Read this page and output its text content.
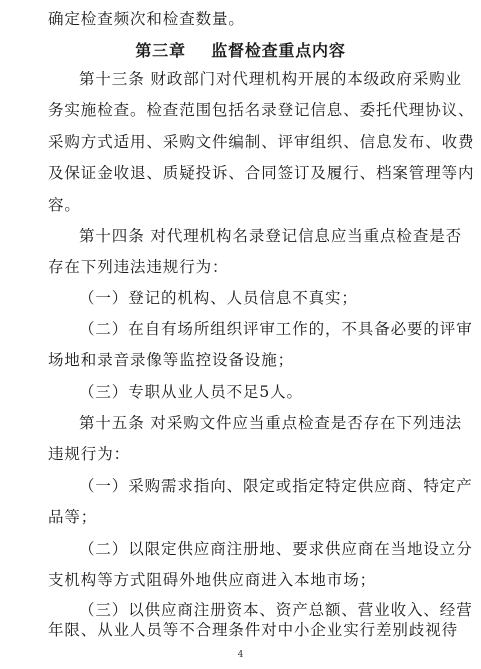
确定检查频次和检查数量。
第三章    监督检查重点内容
第十三条 财政部门对代理机构开展的本级政府采购业
务实施检查。检查范围包括名录登记信息、委托代理协议、
采购方式适用、采购文件编制、评审组织、信息发布、收费
及保证金收退、质疑投诉、合同签订及履行、档案管理等内
容。
第十四条 对代理机构名录登记信息应当重点检查是否
存在下列违法违规行为：
（一）登记的机构、人员信息不真实；
（二）在自有场所组织评审工作的，不具备必要的评审
场地和录音录像等监控设备设施；
（三）专职从业人员不足5人。
第十五条 对采购文件应当重点检查是否存在下列违法
违规行为：
（一）采购需求指向、限定或指定特定供应商、特定产
品等；
（二）以限定供应商注册地、要求供应商在当地设立分
支机构等方式阻碍外地供应商进入本地市场；
（三）以供应商注册资本、资产总额、营业收入、经营
年限、从业人员等不合理条件对中小企业实行差别歧视待
4
